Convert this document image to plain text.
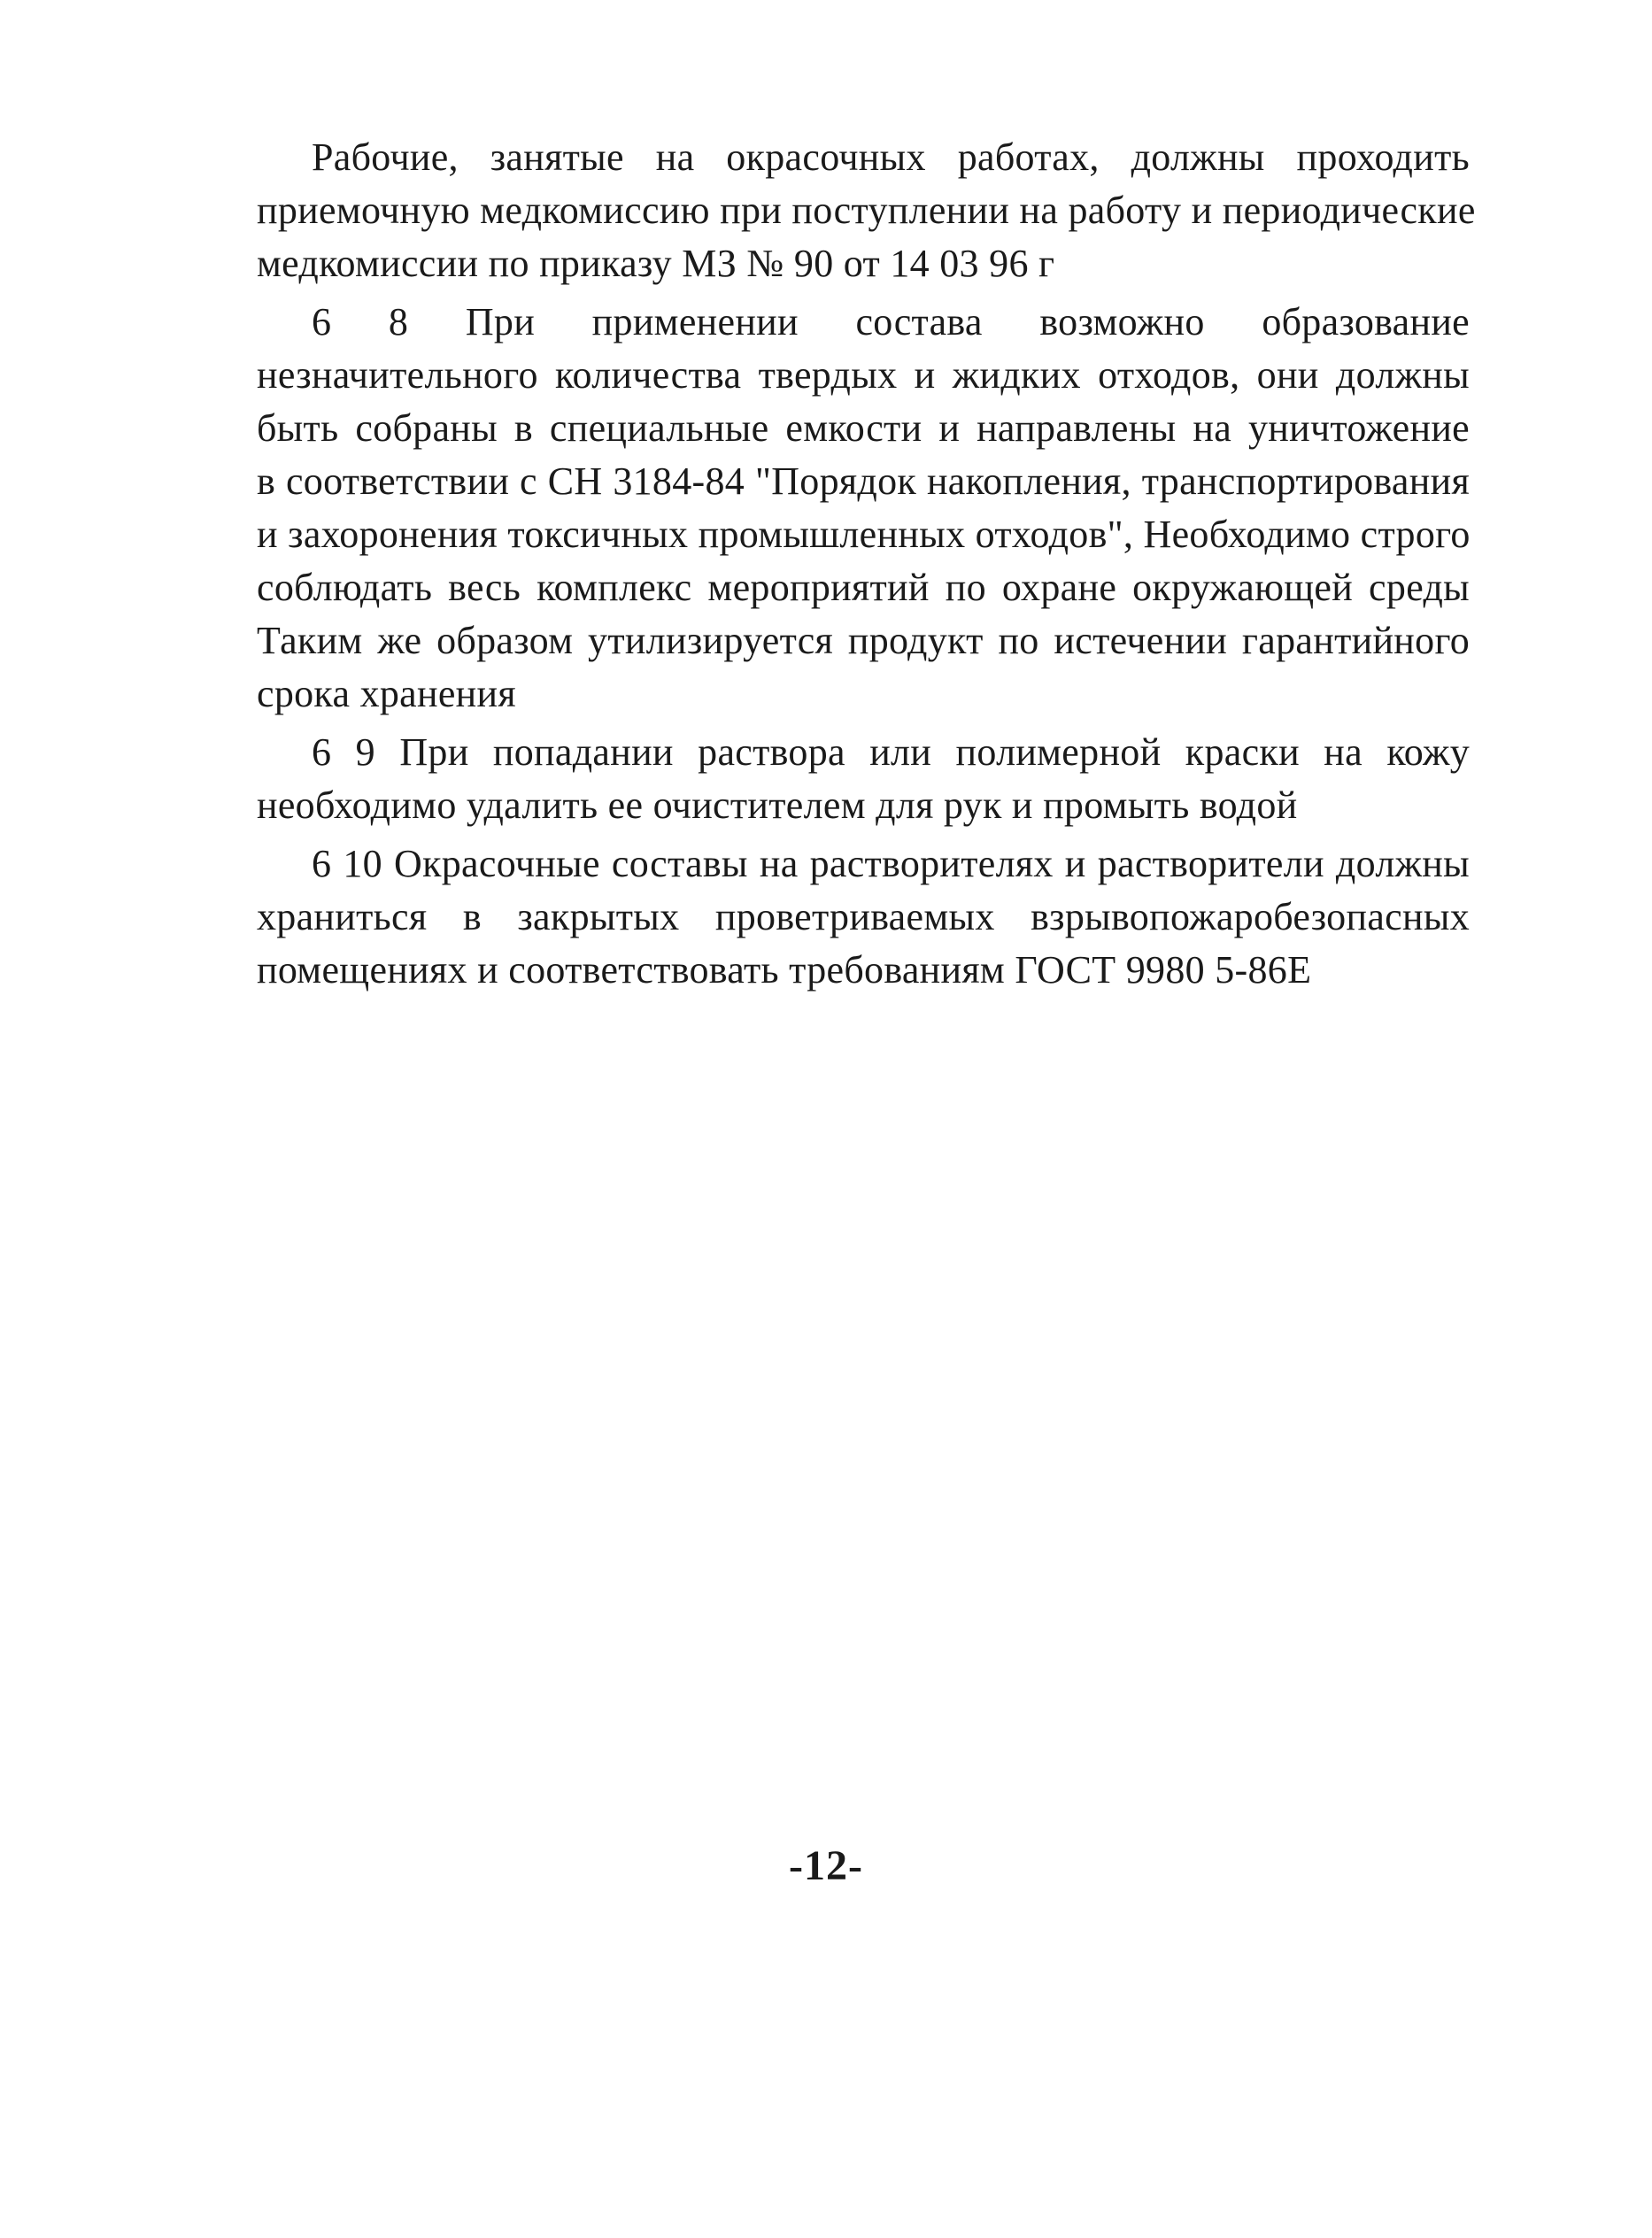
Рабочие, занятые на окрасочных работах, должны проходить
приемочную медкомиссию при поступлении на работу и периодические
медкомиссии по приказу МЗ № 90 от 14 03 96 г
6 8 При применении состава возможно образование
незначительного количества твердых и жидких отходов, они должны
быть собраны в специальные емкости и направлены на уничтожение
в соответствии с СН 3184-84 "Порядок накопления, транспортирования
и захоронения токсичных промышленных отходов", Необходимо строго
соблюдать весь комплекс мероприятий по охране окружающей среды
Таким же образом утилизируется продукт по истечении гарантийного
срока хранения
6 9 При попадании раствора или полимерной краски на кожу
необходимо удалить ее очистителем для рук и промыть водой
6 10 Окрасочные составы на растворителях и растворители должны
храниться в закрытых проветриваемых взрывопожаробезопасных
помещениях и соответствовать требованиям ГОСТ 9980 5-86Е
-12-
